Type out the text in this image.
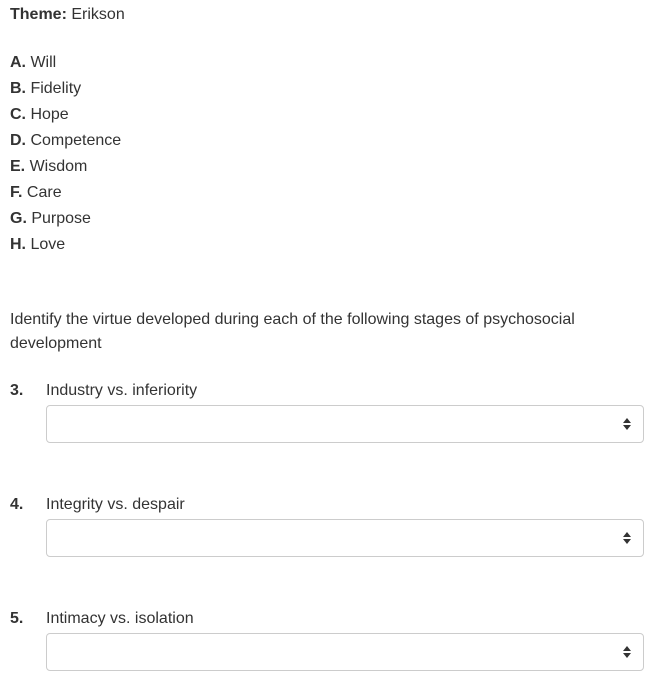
Theme: Erikson
A. Will
B. Fidelity
C. Hope
D. Competence
E. Wisdom
F. Care
G. Purpose
H. Love
Identify the virtue developed during each of the following stages of psychosocial development
3. Industry vs. inferiority
4. Integrity vs. despair
5. Intimacy vs. isolation
